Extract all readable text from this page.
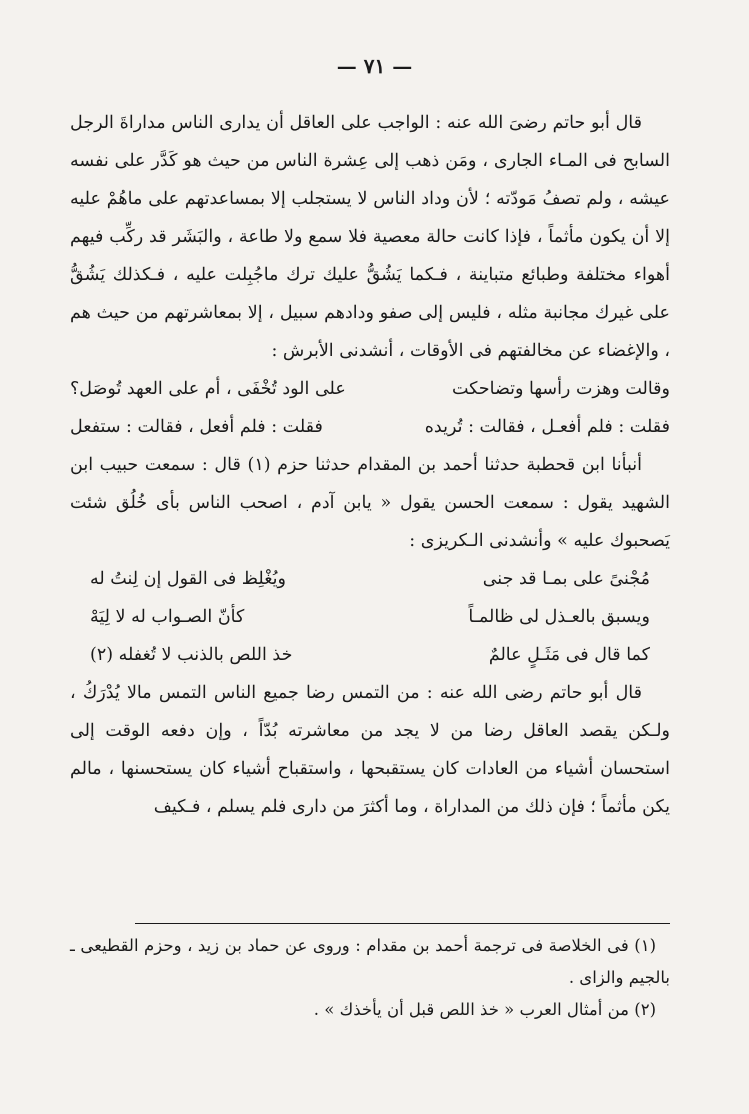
— ٧١ —

قال أبو حاتم رضىَ الله عنه : الواجب على العاقل أن يدارى الناس مداراةَ الرجل السابح فى المـاء الجارى ، ومَن ذهب إلى عِشرة الناس من حيث هو كَدَّر على نفسه عيشه ، ولم تصفُ مَودّته ؛ لأن وداد الناس لا يستجلب إلا بمساعدتهم على ماهُمْ عليه إلا أن يكون مأثماً ، فإذا كانت حالة معصية فلا سمع ولا طاعة ، والبَشَر قد ركِّب فيهم أهواء مختلفة وطبائع متباينة ، فـكما يَشُقُّ عليك ترك ماجُبِلت عليه ، فـكذلك يَشُقُّ على غيرك مجانبة مثله ، فليس إلى صفو ودادهم سبيل ، إلا بمعاشرتهم من حيث هم ، والإغضاء عن مخالفتهم فى الأوقات ، أنشدنى الأبرش :

وقالت وهزت رأسها وتضاحكت
على الود تُخْفَى ، أم على العهد تُوصَل؟
فقلت : فلم أفعـل ، فقالت : تُريده
فقلت : فلم أفعل ، فقالت : ستفعل

أنبأنا ابن قحطبة حدثنا أحمد بن المقدام حدثنا حزم (١) قال : سمعت حبيب ابن الشهيد يقول : سمعت الحسن يقول « يابن آدم ، اصحب الناس بأى خُلُق شئت يَصحبوك عليه » وأنشدنى الـكريزى :

مُجْنىً على بمـا قد جنى
ويُغْلِظ فى القول إن لِنتُ له
ويسبق بالعـذل لى ظالمـاً
كأنّ الصـواب له لا لِيَهْ
كما قال فى مَثَـلٍ عالمٌ
خذ اللص بالذنب لا تُغفله (٢)

قال أبو حاتم رضى الله عنه : من التمس رضا جميع الناس التمس مالا يُدْرَكُ ، ولـكن يقصد العاقل رضا من لا يجد من معاشرته بُدّاً ، وإن دفعه الوقت إلى استحسان أشياء من العادات كان يستقبحها ، واستقباح أشياء كان يستحسنها ، مالم يكن مأثماً ؛ فإن ذلك من المداراة ، وما أكثرَ من دارى فلم يسلم ، فـكيف

(١) فى الخلاصة فى ترجمة أحمد بن مقدام : وروى عن حماد بن زيد ، وحزم القطيعى ـ بالجيم والزاى .

(٢) من أمثال العرب « خذ اللص قبل أن يأخذك » .
